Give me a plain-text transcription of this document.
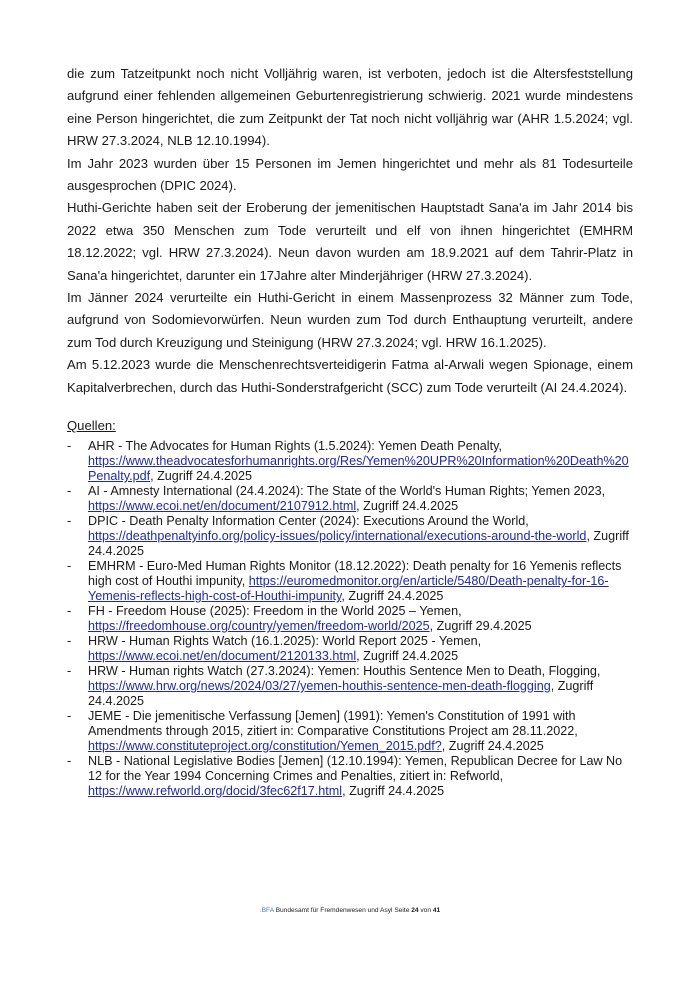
die zum Tatzeitpunkt noch nicht Volljährig waren, ist verboten, jedoch ist die Altersfeststellung aufgrund einer fehlenden allgemeinen Geburtenregistrierung schwierig. 2021 wurde mindestens eine Person hingerichtet, die zum Zeitpunkt der Tat noch nicht volljährig war (AHR 1.5.2024; vgl. HRW 27.3.2024, NLB 12.10.1994).

Im Jahr 2023 wurden über 15 Personen im Jemen hingerichtet und mehr als 81 Todesurteile ausgesprochen (DPIC 2024).

Huthi-Gerichte haben seit der Eroberung der jemenitischen Hauptstadt Sana'a im Jahr 2014 bis 2022 etwa 350 Menschen zum Tode verurteilt und elf von ihnen hingerichtet (EMHRM 18.12.2022; vgl. HRW 27.3.2024). Neun davon wurden am 18.9.2021 auf dem Tahrir-Platz in Sana'a hingerichtet, darunter ein 17Jahre alter Minderjähriger (HRW 27.3.2024).

Im Jänner 2024 verurteilte ein Huthi-Gericht in einem Massenprozess 32 Männer zum Tode, aufgrund von Sodomievorwürfen. Neun wurden zum Tod durch Enthauptung verurteilt, andere zum Tod durch Kreuzigung und Steinigung (HRW 27.3.2024; vgl. HRW 16.1.2025).

Am 5.12.2023 wurde die Menschenrechtsverteidigerin Fatma al-Arwali wegen Spionage, einem Kapitalverbrechen, durch das Huthi-Sonderstrafgericht (SCC) zum Tode verurteilt (AI 24.4.2024).

Quellen:
- AHR - The Advocates for Human Rights (1.5.2024): Yemen Death Penalty, https://www.theadvocatesforhumanrights.org/Res/Yemen%20UPR%20Information%20Death%20Penalty.pdf, Zugriff 24.4.2025
- AI - Amnesty International (24.4.2024): The State of the World's Human Rights; Yemen 2023, https://www.ecoi.net/en/document/2107912.html, Zugriff 24.4.2025
- DPIC - Death Penalty Information Center (2024): Executions Around the World, https://deathpenaltyinfo.org/policy-issues/policy/international/executions-around-the-world, Zugriff 24.4.2025
- EMHRM - Euro-Med Human Rights Monitor (18.12.2022): Death penalty for 16 Yemenis reflects high cost of Houthi impunity, https://euromedmonitor.org/en/article/5480/Death-penalty-for-16-Yemenis-reflects-high-cost-of-Houthi-impunity, Zugriff 24.4.2025
- FH - Freedom House (2025): Freedom in the World 2025 – Yemen, https://freedomhouse.org/country/yemen/freedom-world/2025, Zugriff 29.4.2025
- HRW - Human Rights Watch (16.1.2025): World Report 2025 - Yemen, https://www.ecoi.net/en/document/2120133.html, Zugriff 24.4.2025
- HRW - Human rights Watch (27.3.2024): Yemen: Houthis Sentence Men to Death, Flogging, https://www.hrw.org/news/2024/03/27/yemen-houthis-sentence-men-death-flogging, Zugriff 24.4.2025
- JEME - Die jemenitische Verfassung [Jemen] (1991): Yemen's Constitution of 1991 with Amendments through 2015, zitiert in: Comparative Constitutions Project am 28.11.2022, https://www.constituteproject.org/constitution/Yemen_2015.pdf?, Zugriff 24.4.2025
- NLB - National Legislative Bodies [Jemen] (12.10.1994): Yemen, Republican Decree for Law No 12 for the Year 1994 Concerning Crimes and Penalties, zitiert in: Refworld, https://www.refworld.org/docid/3fec62f17.html, Zugriff 24.4.2025
.BFA Bundesamt für Fremdenwesen und Asyl Seite 24 von 41
